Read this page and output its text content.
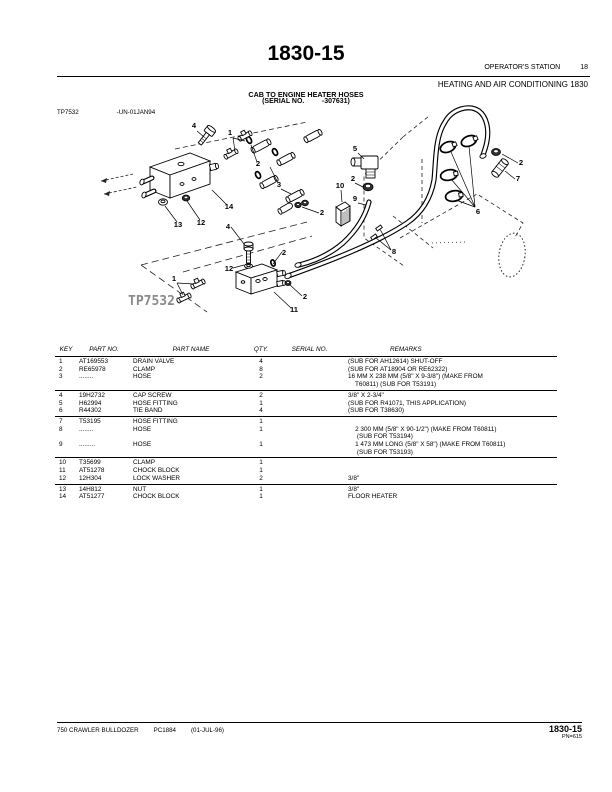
1830-15
OPERATOR'S STATION	18
HEATING AND AIR CONDITIONING 1830
CAB TO ENGINE HEATER HOSES
(SERIAL NO.         -307631)
TP7532	-UN-01JAN94
4
1
2
3
5
2
10
9
2
7
6
2
8
13 12
14
4
2
12
1
2
11
TP7532
KEY	PART NO.	PART NAME	QTY.	SERIAL NO.	REMARKS
1	AT169553	DRAIN VALVE	4	(SUB FOR AH12614) SHUT-OFF
2	RE65978	CLAMP	8	(SUB FOR AT18904 OR RE62322)
3	........	HOSE	2	16 MM X 238 MM (5/8" X 9-3/8") (MAKE FROM
T60811) (SUB FOR T53191)
4	19H2732	CAP SCREW	2	3/8" X 2-3/4"
5	H62994	HOSE FITTING	1	(SUB FOR R41071, THIS APPLICATION)
6	R44302	TIE BAND	4	(SUB FOR T38630)
7	T53195	HOSE FITTING	1
8	........	HOSE	1	2 300 MM (5/8" X 90-1/2") (MAKE FROM T60811)
(SUB FOR T53194)
9	.........	HOSE	1	1 473 MM LONG (5/8" X 58") (MAKE FROM T60811)
(SUB FOR T53193)
10	T35699	CLAMP	1
11	AT51278	CHOCK BLOCK	1
12	12H304	LOCK WASHER	2	3/8"
13	14H812	NUT	1	3/8"
14	AT51277	CHOCK BLOCK	1	FLOOR HEATER
750 CRAWLER BULLDOZER PC1884 (01-JUL-96)	1830-15
PN=615
